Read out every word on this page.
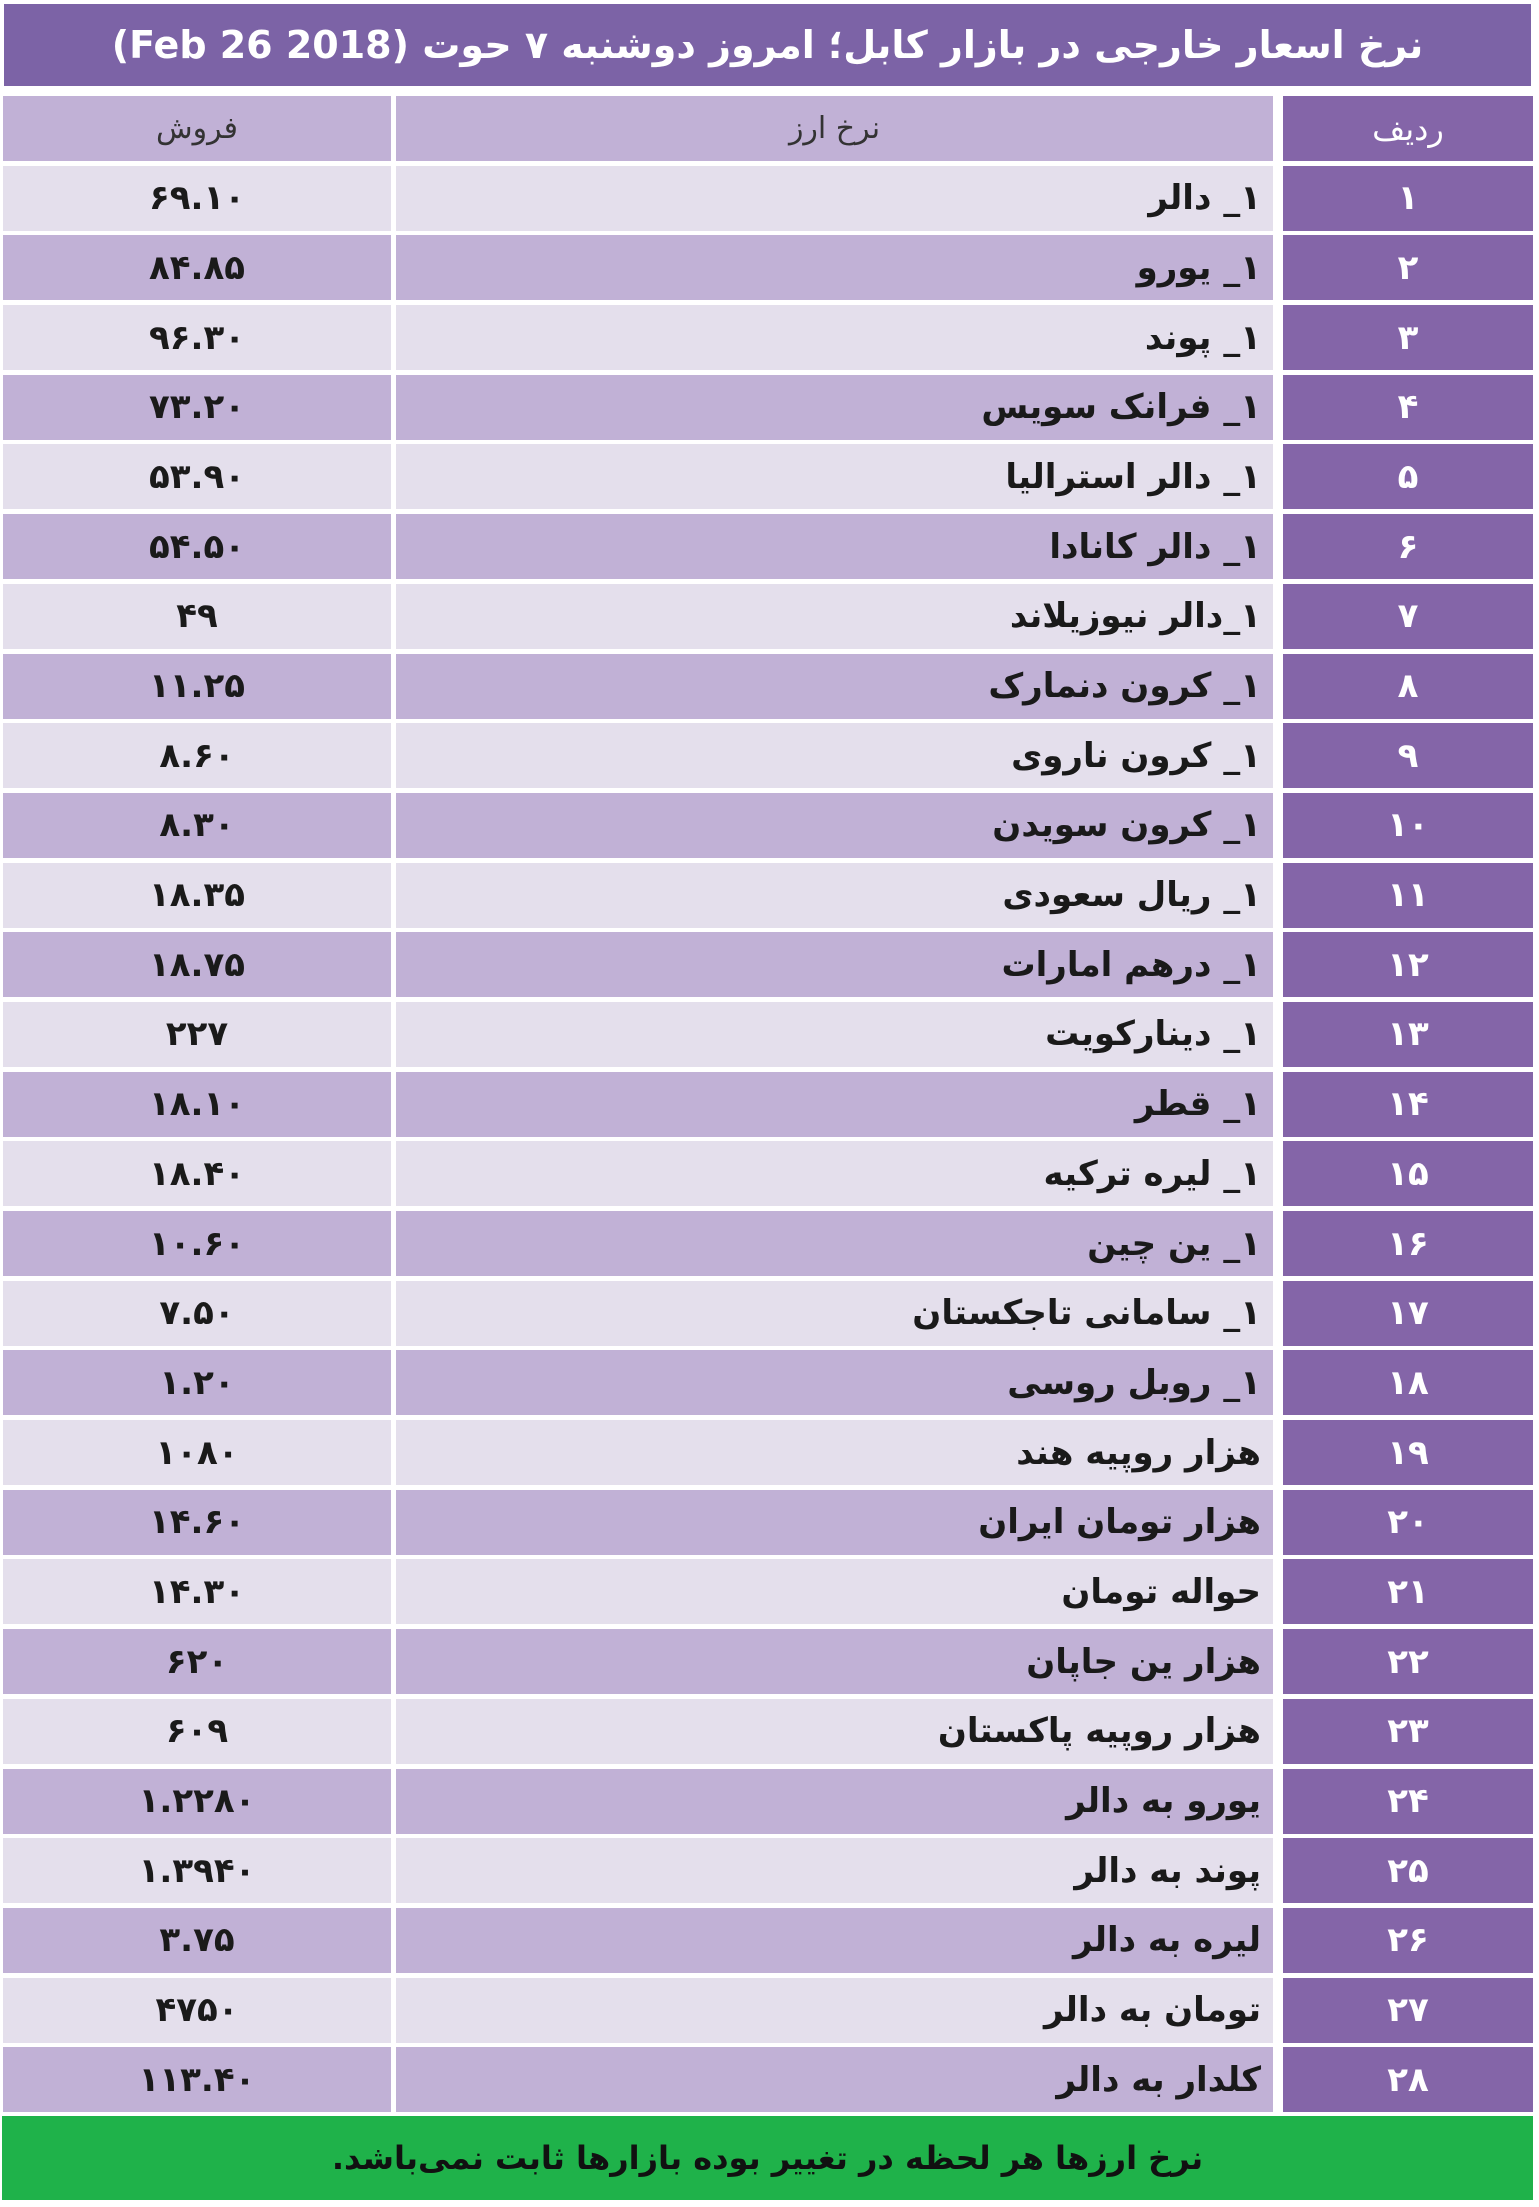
نرخ اسعار خارجی در بازار کابل؛ امروز دوشنبه ۷ حوت (Feb 26 2018)
فروش	نرخ ارز	ردیف
۶۹.۱۰	۱_ دالر	۱
۸۴.۸۵	۱_ یورو	۲
۹۶.۳۰	۱_ پوند	۳
۷۳.۲۰	۱_ فرانک سویس	۴
۵۳.۹۰	۱_ دالر استرالیا	۵
۵۴.۵۰	۱_ دالر کانادا	۶
۴۹	۱_دالر نیوزیلاند	۷
۱۱.۲۵	۱_ کرون دنمارک	۸
۸.۶۰	۱_ کرون ناروی	۹
۸.۳۰	۱_ کرون سویدن	۱۰
۱۸.۳۵	۱_ ریال سعودی	۱۱
۱۸.۷۵	۱_ درهم امارات	۱۲
۲۲۷	۱_ دینارکویت	۱۳
۱۸.۱۰	۱_ قطر	۱۴
۱۸.۴۰	۱_ لیره ترکیه	۱۵
۱۰.۶۰	۱_ ین چین	۱۶
۷.۵۰	۱_ سامانی تاجکستان	۱۷
۱.۲۰	۱_ روبل روسی	۱۸
۱۰۸۰	هزار روپیه هند	۱۹
۱۴.۶۰	هزار تومان ایران	۲۰
۱۴.۳۰	حواله تومان	۲۱
۶۲۰	هزار ین جاپان	۲۲
۶۰۹	هزار روپیه پاکستان	۲۳
۱.۲۲۸۰	یورو به دالر	۲۴
۱.۳۹۴۰	پوند به دالر	۲۵
۳.۷۵	لیره به دالر	۲۶
۴۷۵۰	تومان به دالر	۲۷
۱۱۳.۴۰	کلدار به دالر	۲۸
نرخ ارزها هر لحظه در تغییر بوده بازارها ثابت نمی‌باشد.
